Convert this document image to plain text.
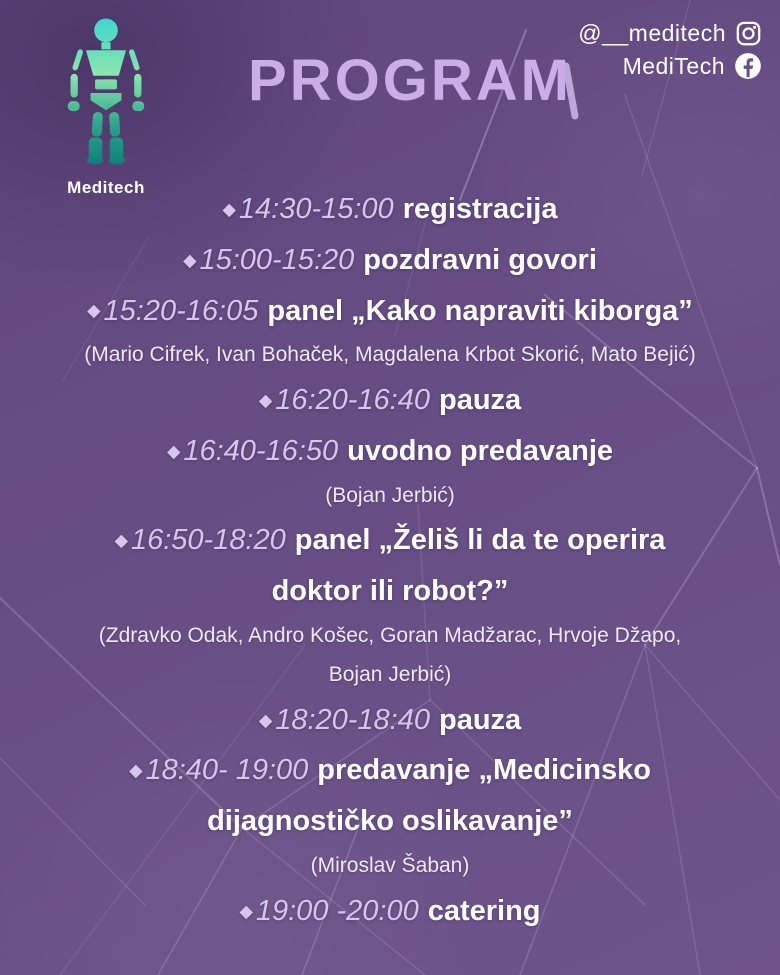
Meditech
PROGRAM
@__meditech
MediTech

◆ 14:30-15:00 registracija

◆ 15:00-15:20 pozdravni govori

◆ 15:20-16:05 panel „Kako napraviti kiborga”

(Mario Cifrek, Ivan Bohaček, Magdalena Krbot Skorić, Mato Bejić)

◆ 16:20-16:40 pauza

◆ 16:40-16:50 uvodno predavanje

(Bojan Jerbić)

◆ 16:50-18:20 panel „Želiš li da te operira
doktor ili robot?”

(Zdravko Odak, Andro Košec, Goran Madžarac, Hrvoje Džapo,
Bojan Jerbić)

◆ 18:20-18:40 pauza

◆ 18:40- 19:00 predavanje „Medicinsko
dijagnostičko oslikavanje”

(Miroslav Šaban)

◆ 19:00 -20:00 catering
